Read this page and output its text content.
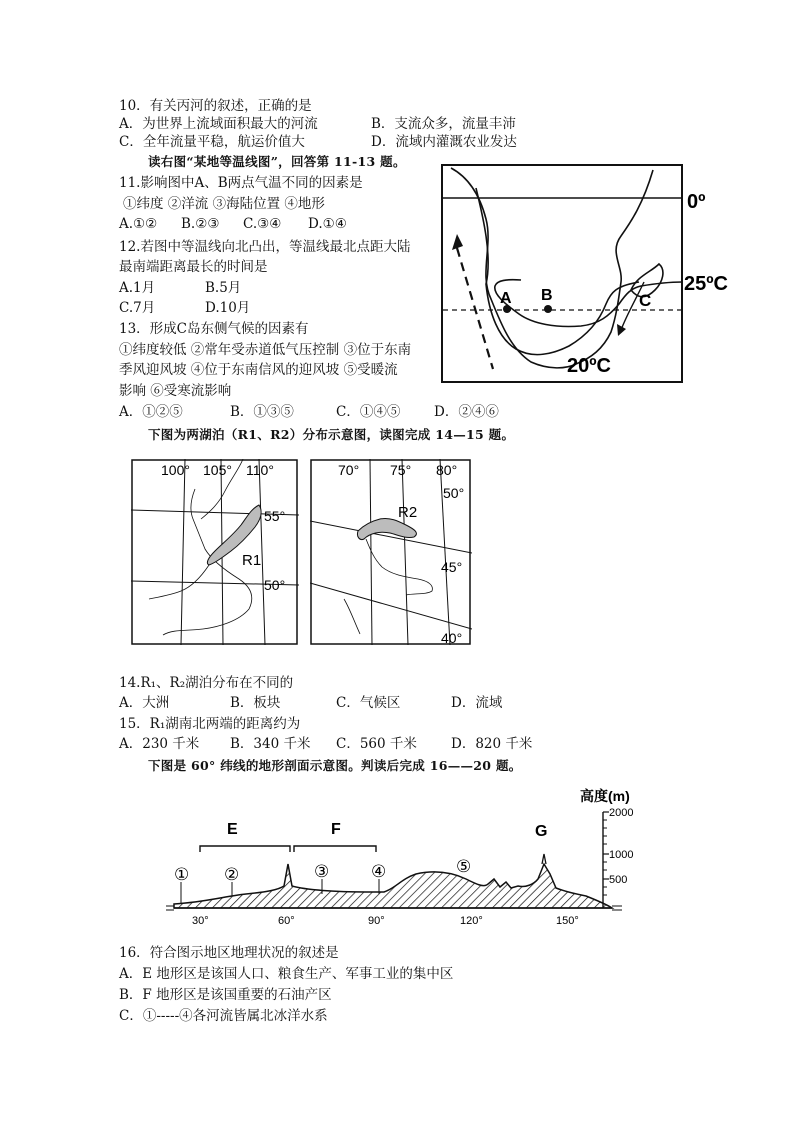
10．有关丙河的叙述，正确的是
A．为世界上流域面积最大的河流	B．支流众多，流量丰沛
C．全年流量平稳，航运价值大	D．流域内灌溉农业发达
读右图“某地等温线图”，回答第 11-13 题。
11.影响图中A、B两点气温不同的因素是
①纬度 ②洋流 ③海陆位置 ④地形
A.①② B.②③ C.③④ D.①④
12.若图中等温线向北凸出，等温线最北点距大陆
最南端距离最长的时间是
A.1月	B.5月
C.7月	D.10月
13．形成C岛东侧气候的因素有
①纬度较低 ②常年受赤道低气压控制 ③位于东南
季风迎风坡 ④位于东南信风的迎风坡 ⑤受暖流
影响 ⑥受寒流影响
A．①②⑤	B．①③⑤	C．①④⑤ D．②④⑥
A B	C
0º
25ºC
20ºC
下图为两湖泊（R1、R2）分布示意图，读图完成 14—15 题。
100° 105° 110°
55°
50°
R1
70° 75° 80°
50°
45°
40°
R2
14.R₁、R₂湖泊分布在不同的
A．大洲	B．板块	C．气候区	D．流域
15．R₁湖南北两端的距离约为
A．230 千米 B．340 千米 C．560 千米	D．820 千米
下图是 60° 纬线的地形剖面示意图。判读后完成 16——20 题。
高度(m)
2000
1000
500
30°	60°	90°	120°	150°
E	F	G
① ②	③ ④	⑤
16．符合图示地区地理状况的叙述是
A．E 地形区是该国人口、粮食生产、军事工业的集中区
B．F 地形区是该国重要的石油产区
C．①-----④各河流皆属北冰洋水系
